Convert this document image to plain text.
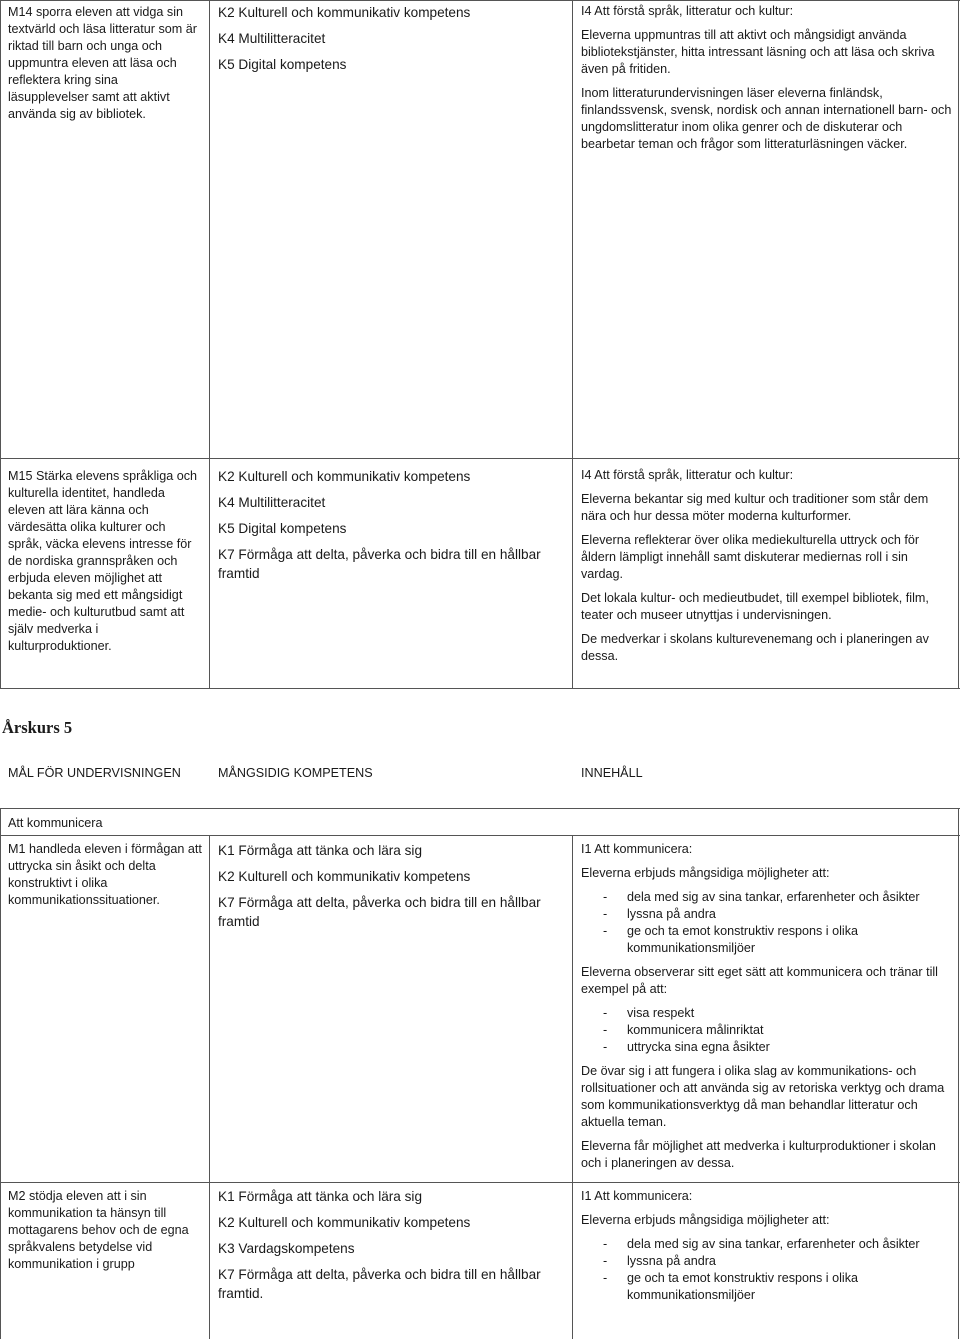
M14 sporra eleven att vidga sin textvärld och läsa litteratur som är riktad till barn och unga och uppmuntra eleven att läsa och reflektera kring sina läsupplevelser samt att aktivt använda sig av bibliotek.

K2 Kulturell och kommunikativ kompetens
K4 Multilitteracitet
K5 Digital kompetens

I4 Att förstå språk, litteratur och kultur:

Eleverna uppmuntras till att aktivt och mångsidigt använda bibliotekstjänster, hitta intressant läsning och att läsa och skriva även på fritiden.

Inom litteraturundervisningen läser eleverna finländsk, finlandssvensk, svensk, nordisk och annan internationell barn- och ungdomslitteratur inom olika genrer och de diskuterar och bearbetar teman och frågor som litteraturläsningen väcker.

M15 Stärka elevens språkliga och kulturella identitet, handleda eleven att lära känna och värdesätta olika kulturer och språk, väcka elevens intresse för de nordiska grannspråken och erbjuda eleven möjlighet att bekanta sig med ett mångsidigt medie- och kulturutbud samt att själv medverka i kulturproduktioner.

K2 Kulturell och kommunikativ kompetens
K4 Multilitteracitet
K5 Digital kompetens
K7 Förmåga att delta, påverka och bidra till en hållbar framtid

I4 Att förstå språk, litteratur och kultur:

Eleverna bekantar sig med kultur och traditioner som står dem nära och hur dessa möter moderna kulturformer.

Eleverna reflekterar över olika mediekulturella uttryck och för åldern lämpligt innehåll samt diskuterar mediernas roll i sin vardag.

Det lokala kultur- och medieutbudet, till exempel bibliotek, film, teater och museer utnyttjas i undervisningen.

De medverkar i skolans kulturevenemang och i planeringen av dessa.

Årskurs 5
MÅL FÖR UNDERVISNINGEN	MÅNGSIDIG KOMPETENS	INNEHÅLL

Att kommunicera

M1 handleda eleven i förmågan att uttrycka sin åsikt och delta konstruktivt i olika kommunikationssituationer.

K1 Förmåga att tänka och lära sig
K2 Kulturell och kommunikativ kompetens
K7 Förmåga att delta, påverka och bidra till en hållbar framtid

I1 Att kommunicera:

Eleverna erbjuds mångsidiga möjligheter att:

- dela med sig av sina tankar, erfarenheter och åsikter
- lyssna på andra
- ge och ta emot konstruktiv respons i olika kommunikationsmiljöer

Eleverna observerar sitt eget sätt att kommunicera och tränar till exempel på att:

- visa respekt
- kommunicera målinriktat
- uttrycka sina egna åsikter

De övar sig i att fungera i olika slag av kommunikations- och rollsituationer och att använda sig av retoriska verktyg och drama som kommunikationsverktyg då man behandlar litteratur och aktuella teman.

Eleverna får möjlighet att medverka i kulturproduktioner i skolan och i planeringen av dessa.

M2 stödja eleven att i sin kommunikation ta hänsyn till mottagarens behov och de egna språkvalens betydelse vid kommunikation i grupp

K1 Förmåga att tänka och lära sig
K2 Kulturell och kommunikativ kompetens
K3 Vardagskompetens
K7 Förmåga att delta, påverka och bidra till en hållbar framtid.

I1 Att kommunicera:

Eleverna erbjuds mångsidiga möjligheter att:

- dela med sig av sina tankar, erfarenheter och åsikter
- lyssna på andra
- ge och ta emot konstruktiv respons i olika kommunikationsmiljöer
